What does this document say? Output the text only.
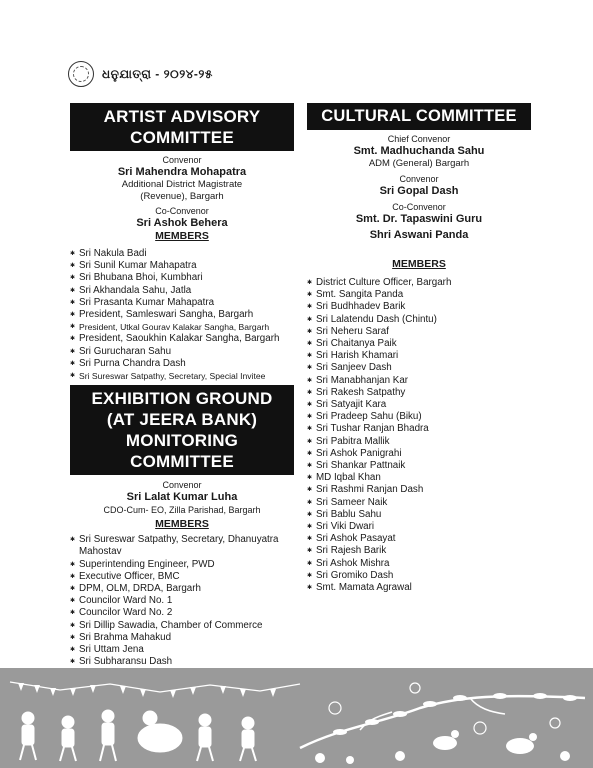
ଧନୁଯାତ୍ରା - ୨୦୨୪-୨୫
ARTIST ADVISORY
COMMITTEE
Convenor
Sri Mahendra Mohapatra
Additional District Magistrate
(Revenue), Bargarh
Co-Convenor
Sri Ashok Behera
MEMBERS
✱ Sri Nakula Badi
✱ Sri Sunil Kumar Mahapatra
✱ Sri Bhubana Bhoi, Kumbhari
✱ Sri Akhandala Sahu, Jatla
✱ Sri Prasanta Kumar Mahapatra
✱ President, Samleswari Sangha, Bargarh
✱ President, Utkal Gourav Kalakar Sangha, Bargarh
✱ President, Saoukhin Kalakar Sangha, Bargarh
✱ Sri Gurucharan Sahu
✱ Sri Purna Chandra Dash
✱ Sri Sureswar Satpathy, Secretary, Special Invitee
EXHIBITION GROUND
(AT JEERA BANK)
MONITORING COMMITTEE
Convenor
Sri Lalat Kumar Luha
CDO-Cum- EO, Zilla Parishad, Bargarh
MEMBERS
✱ Sri Sureswar Satpathy, Secretary, Dhanuyatra Mahostav
✱ Superintending Engineer, PWD
✱ Executive Officer, BMC
✱ DPM, OLM, DRDA, Bargarh
✱ Councilor Ward No. 1
✱ Councilor Ward No. 2
✱ Sri Dillip Sawadia, Chamber of Commerce
✱ Sri Brahma Mahakud
✱ Sri Uttam Jena
✱ Sri Subharansu Dash
✱
✱
CULTURAL COMMITTEE
Chief Convenor
Smt. Madhuchanda Sahu
ADM (General) Bargarh
Convenor
Sri Gopal Dash
Co-Convenor
Smt. Dr. Tapaswini Guru
Shri Aswani Panda
MEMBERS
✱ District Culture Officer, Bargarh
✱ Smt. Sangita Panda
✱ Sri Budhhadev Barik
✱ Sri Lalatendu Dash (Chintu)
✱ Sri Neheru Saraf
✱ Sri Chaitanya Paik
✱ Sri Harish Khamari
✱ Sri Sanjeev Dash
✱ Sri Manabhanjan Kar
✱ Sri Rakesh Satpathy
✱ Sri Satyajit Kara
✱ Sri Pradeep Sahu (Biku)
✱ Sri Tushar Ranjan Bhadra
✱ Sri Pabitra Mallik
✱ Sri Ashok Panigrahi
✱ Sri Shankar Pattnaik
✱ MD Iqbal Khan
✱ Sri Rashmi Ranjan Dash
✱ Sri Sameer Naik
✱ Sri Bablu Sahu
✱ Sri Viki Dwari
✱ Sri Ashok Pasayat
✱ Sri Rajesh Barik
✱ Sri Ashok Mishra
✱ Sri Gromiko Dash
✱ Smt. Mamata Agrawal
